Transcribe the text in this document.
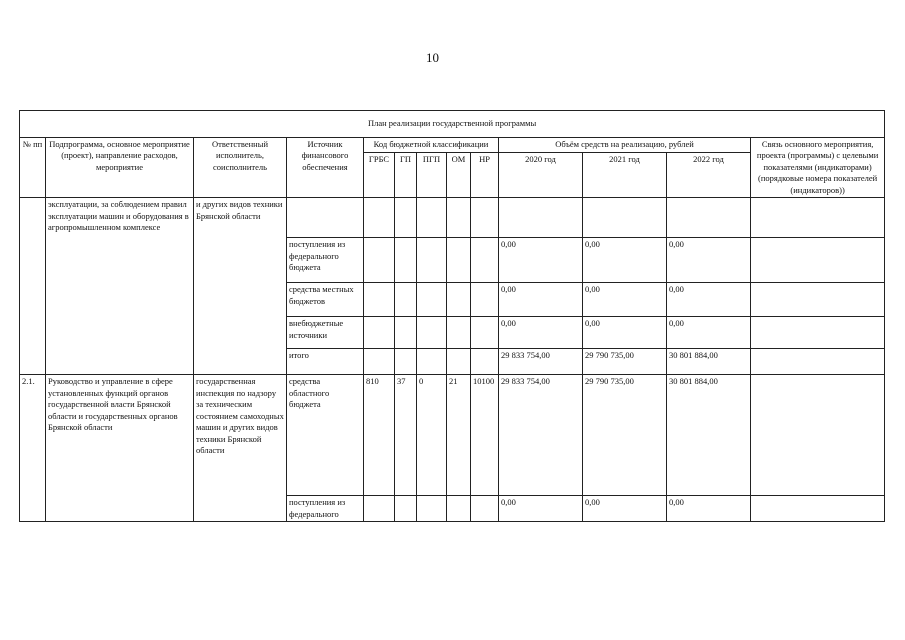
10
План реализации государственной программы												
№ пп	Подпрограмма, основное мероприятие (проект), направление расходов, мероприятие	Ответственный исполнитель, соисполнитель	Источник финансового обеспечения	Код бюджетной классификации					Объём средств на реализацию, рублей			Связь основного мероприятия, проекта (программы) с целевыми показателями (индикаторами) (порядковые номера показателей (индикаторов))
				ГРБС	ГП	ПГП	ОМ	НР	2020 год	2021 год	2022 год	
	эксплуатации, за соблюдением правил эксплуатации машин и оборудования в агропромышленном комплексе	и других видов техники Брянской области										
			поступления из федерального бюджета						0,00	0,00	0,00	
			средства местных бюджетов						0,00	0,00	0,00	
			внебюджетные источники						0,00	0,00	0,00	
			итого						29 833 754,00	29 790 735,00	30 801 884,00	
2.1.	Руководство и управление в сфере установленных функций органов государственной власти Брянской области и государственных органов Брянской области	государственная инспекция по надзору за техническим состоянием самоходных машин и других видов техники Брянской области	средства областного бюджета	810	37	0	21	10100	29 833 754,00	29 790 735,00	30 801 884,00	
			поступления из федерального						0,00	0,00	0,00	
